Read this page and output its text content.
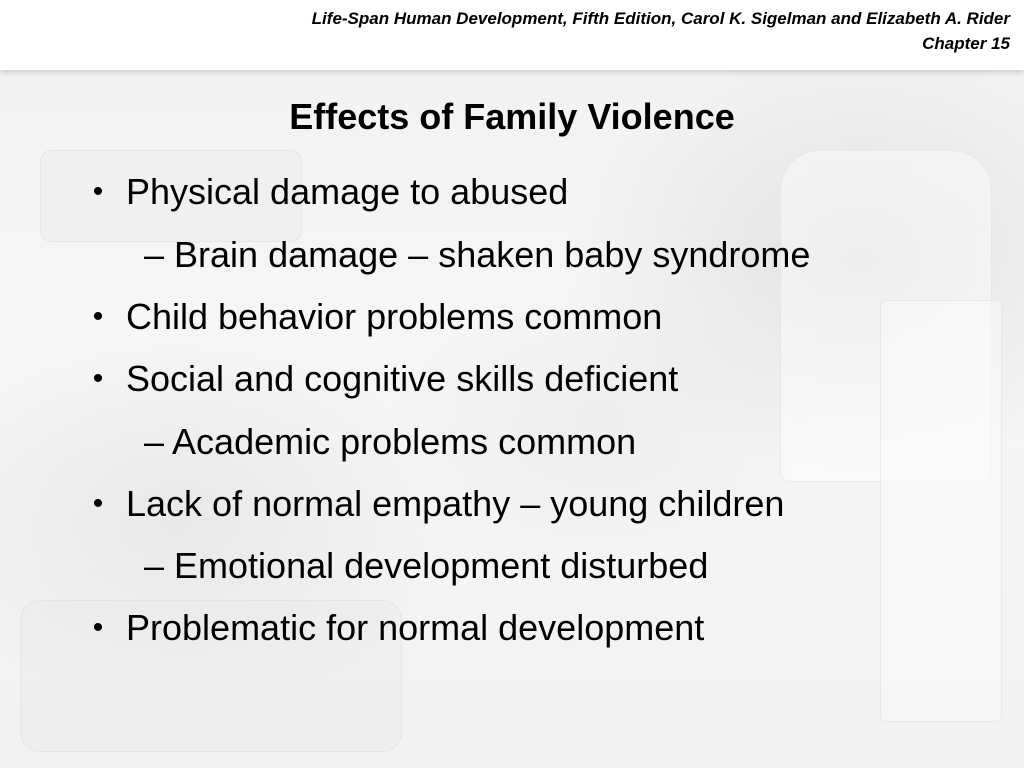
Life-Span Human Development, Fifth Edition, Carol K. Sigelman and Elizabeth A. Rider
Chapter 15
Effects of Family Violence
• Physical damage to abused
– Brain damage – shaken baby syndrome
• Child behavior problems common
• Social and cognitive skills deficient
– Academic problems common
• Lack of normal empathy – young children
– Emotional development disturbed
• Problematic for normal development
